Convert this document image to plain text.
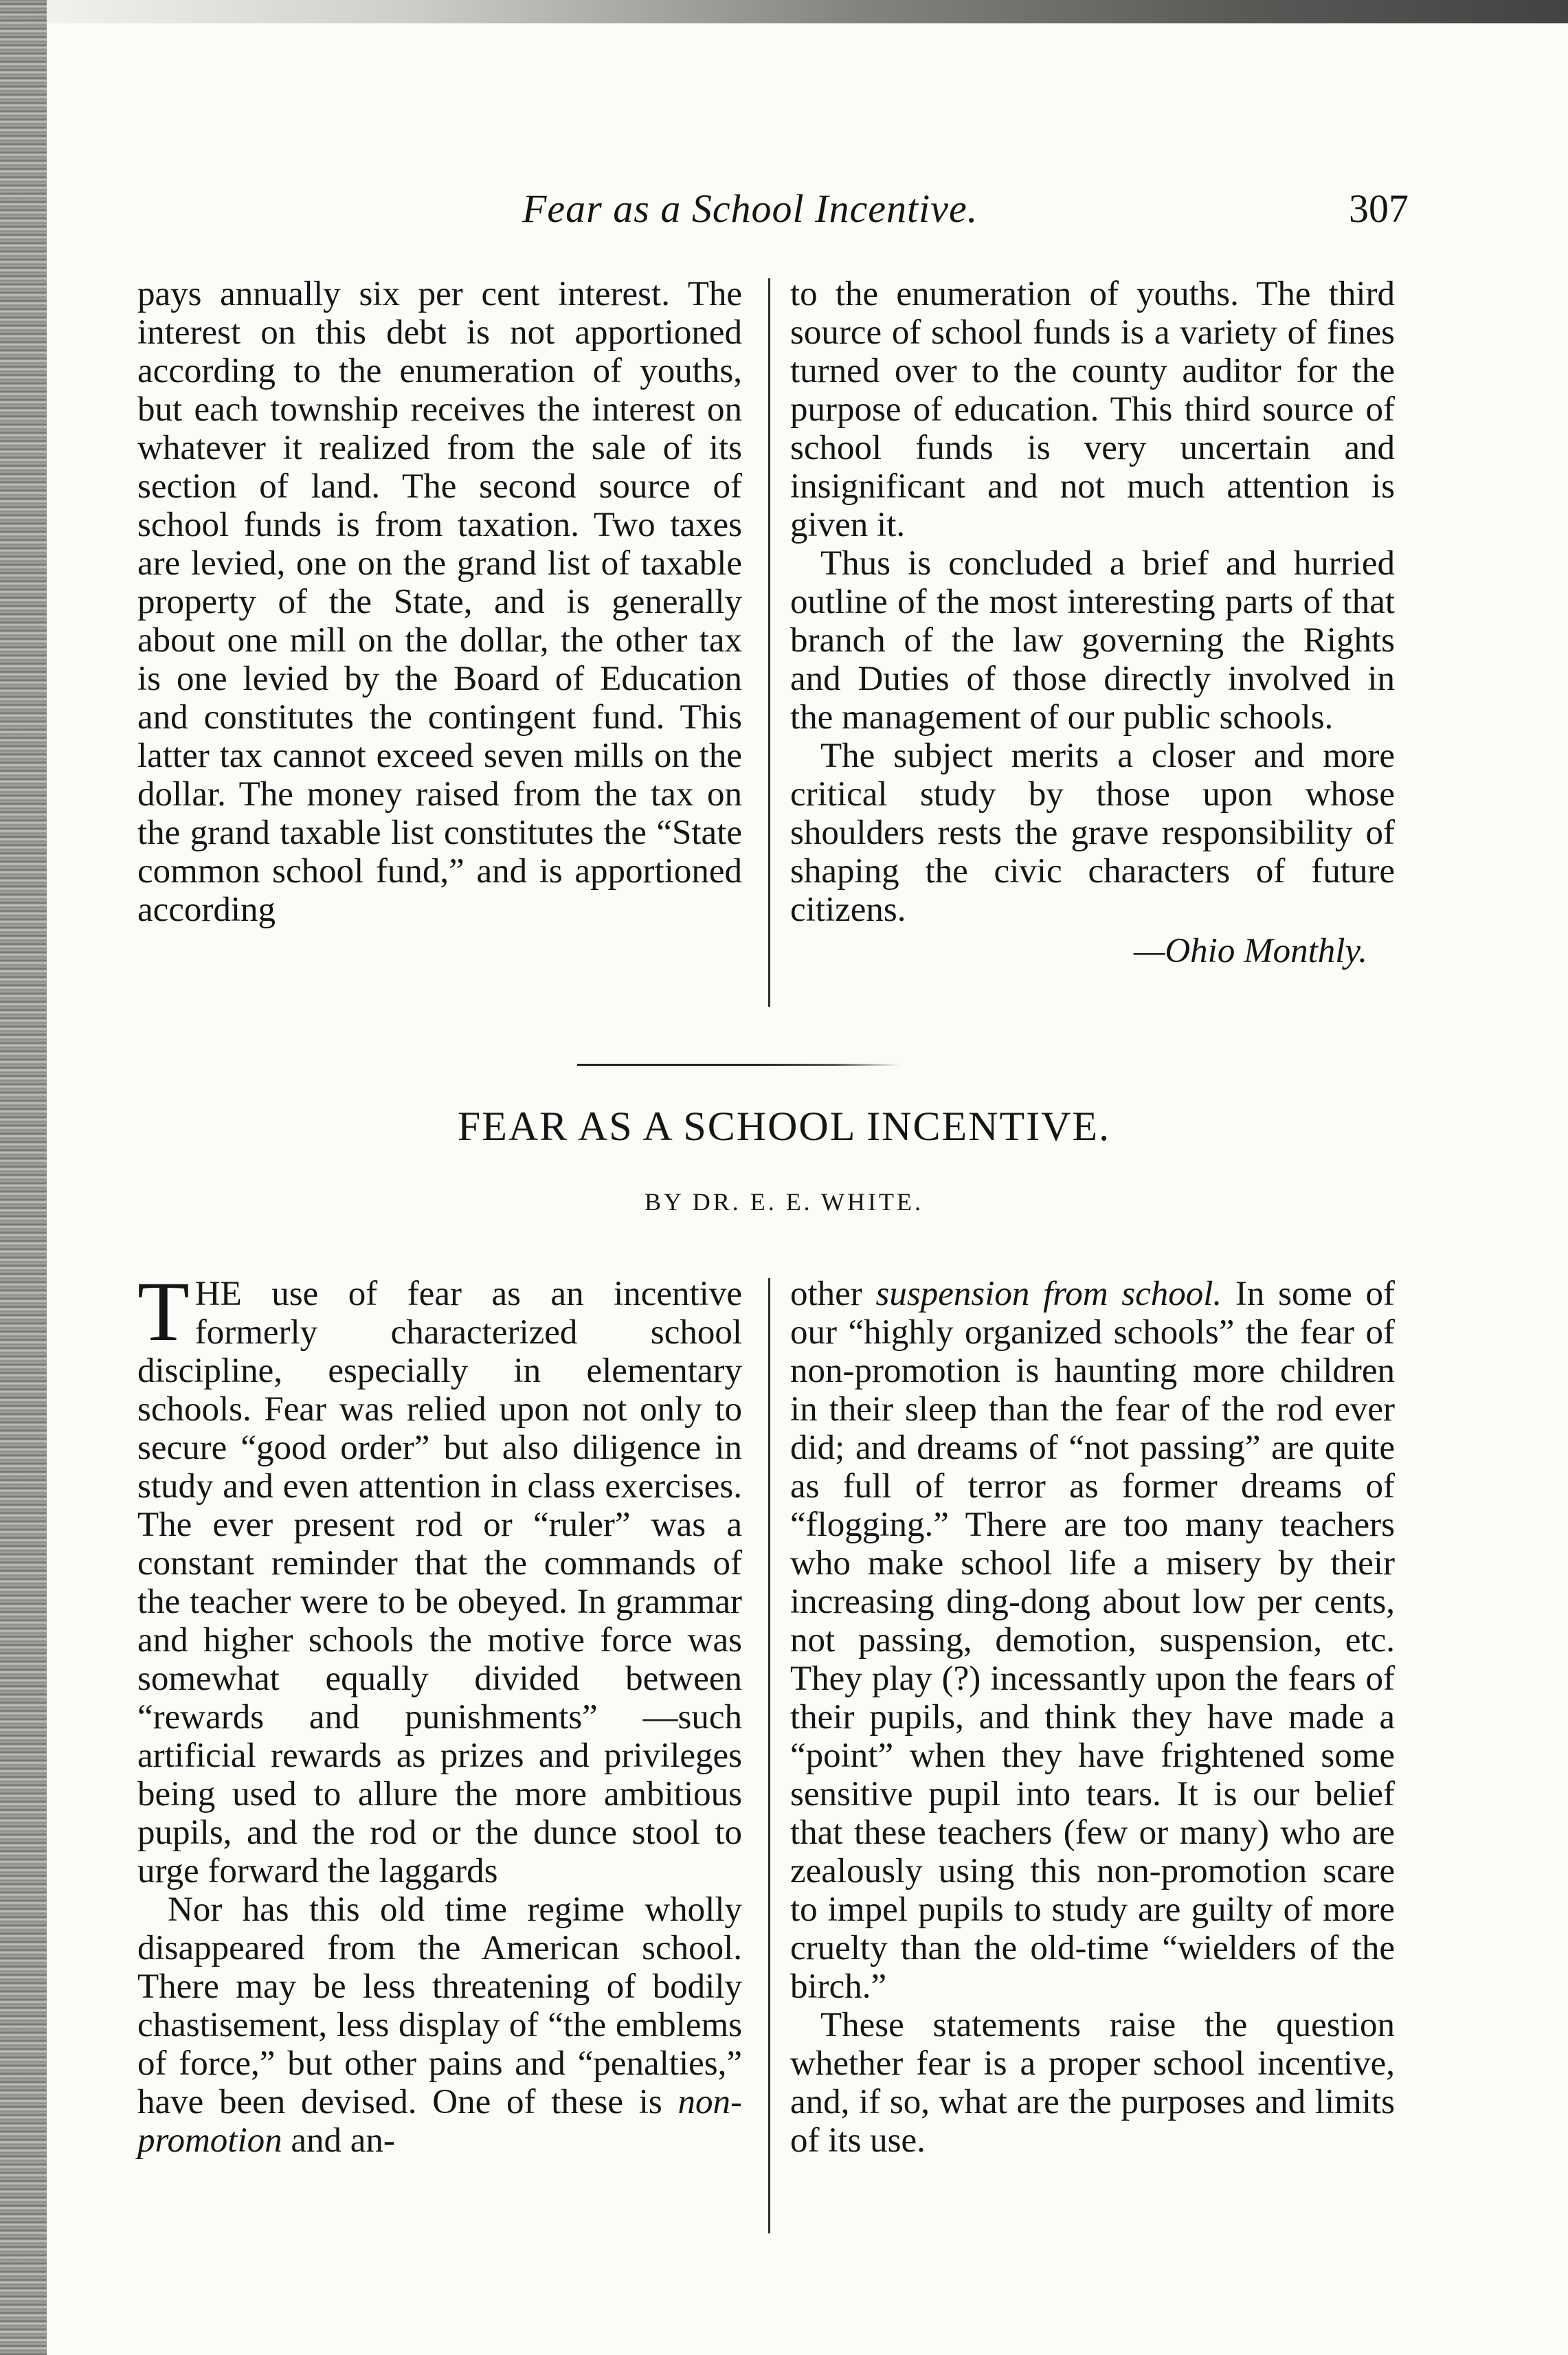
Fear as a School Incentive.	307

pays annually six per cent interest. The interest on this debt is not apportioned according to the enumeration of youths, but each township receives the interest on whatever it realized from the sale of its section of land. The second source of school funds is from taxation. Two taxes are levied, one on the grand list of taxable property of the State, and is generally about one mill on the dollar, the other tax is one levied by the Board of Education and constitutes the contingent fund. This latter tax cannot exceed seven mills on the dollar. The money raised from the tax on the grand taxable list constitutes the “State common school fund,” and is apportioned according

to the enumeration of youths. The third source of school funds is a variety of fines turned over to the county auditor for the purpose of education. This third source of school funds is very uncertain and insignificant and not much attention is given it.

Thus is concluded a brief and hurried outline of the most interesting parts of that branch of the law governing the Rights and Duties of those directly involved in the management of our public schools.

The subject merits a closer and more critical study by those upon whose shoulders rests the grave responsibility of shaping the civic characters of future citizens.

—Ohio Monthly.

FEAR AS A SCHOOL INCENTIVE.
BY DR. E. E. WHITE.

THE use of fear as an incentive formerly characterized school discipline, especially in elementary schools. Fear was relied upon not only to secure “good order” but also diligence in study and even attention in class exercises. The ever present rod or “ruler” was a constant reminder that the commands of the teacher were to be obeyed. In grammar and higher schools the motive force was somewhat equally divided between “rewards and punishments” —such artificial rewards as prizes and privileges being used to allure the more ambitious pupils, and the rod or the dunce stool to urge forward the laggards

Nor has this old time regime wholly disappeared from the American school. There may be less threatening of bodily chastisement, less display of “the emblems of force,” but other pains and “penalties,” have been devised. One of these is non-promotion and an-

other suspension from school. In some of our “highly organized schools” the fear of non-promotion is haunting more children in their sleep than the fear of the rod ever did; and dreams of “not passing” are quite as full of terror as former dreams of “flogging.” There are too many teachers who make school life a misery by their increasing ding-dong about low per cents, not passing, demotion, suspension, etc. They play (?) incessantly upon the fears of their pupils, and think they have made a “point” when they have frightened some sensitive pupil into tears. It is our belief that these teachers (few or many) who are zealously using this non-promotion scare to impel pupils to study are guilty of more cruelty than the old-time “wielders of the birch.”

These statements raise the question whether fear is a proper school incentive, and, if so, what are the purposes and limits of its use.
